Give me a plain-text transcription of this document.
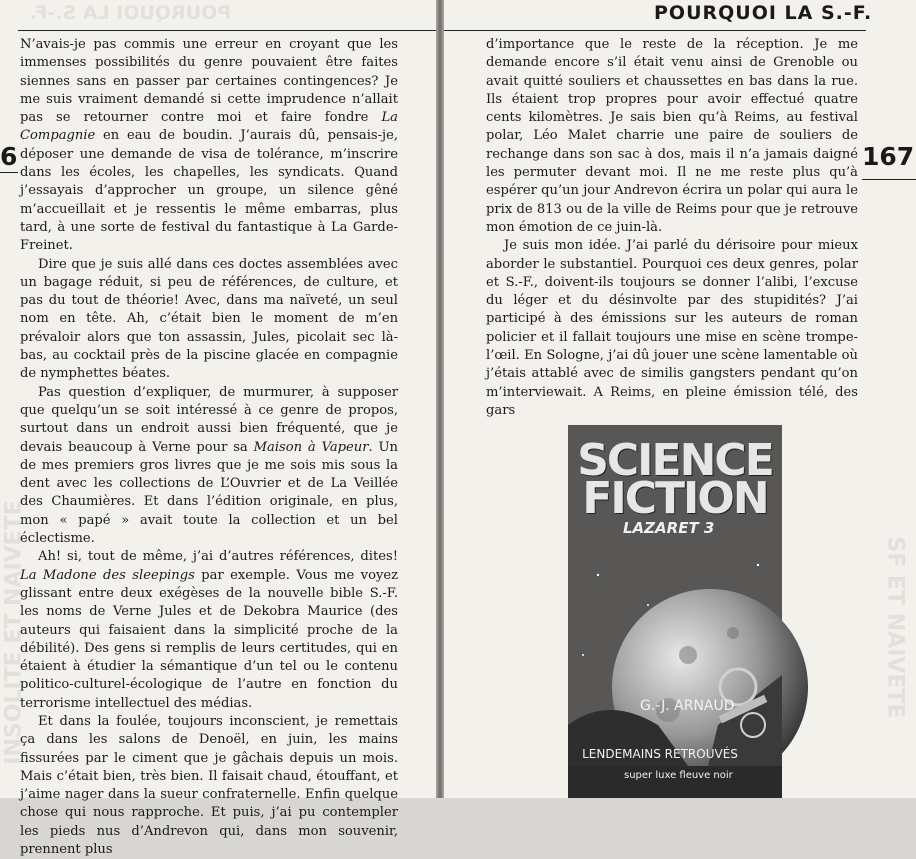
POURQUOI LA S.-F.
6
INSOLITE ET NAIVETE

N’avais-je pas commis une erreur en croyant que les immenses possibilités du genre pouvaient être faites siennes sans en passer par certaines contingences? Je me suis vraiment demandé si cette imprudence n’allait pas se retourner contre moi et faire fondre La Compagnie en eau de boudin. J’aurais dû, pensais-je, déposer une demande de visa de tolérance, m’inscrire dans les écoles, les chapelles, les syndicats. Quand j’essayais d’approcher un groupe, un silence gêné m’accueillait et je ressentis le même embarras, plus tard, à une sorte de festival du fantastique à La Garde-Freinet.

Dire que je suis allé dans ces doctes assemblées avec un bagage réduit, si peu de références, de culture, et pas du tout de théorie! Avec, dans ma naïveté, un seul nom en tête. Ah, c’était bien le moment de m’en prévaloir alors que ton assassin, Jules, picolait sec là-bas, au cocktail près de la piscine glacée en compagnie de nymphettes béates.

Pas question d’expliquer, de murmurer, à supposer que quelqu’un se soit intéressé à ce genre de propos, surtout dans un endroit aussi bien fréquenté, que je devais beaucoup à Verne pour sa Maison à Vapeur. Un de mes premiers gros livres que je me sois mis sous la dent avec les collections de L’Ouvrier et de La Veillée des Chaumières. Et dans l’édition originale, en plus, mon « papé » avait toute la collection et un bel éclectisme.

Ah! si, tout de même, j’ai d’autres références, dites! La Madone des sleepings par exemple. Vous me voyez glissant entre deux exégèses de la nouvelle bible S.-F. les noms de Verne Jules et de Dekobra Maurice (des auteurs qui faisaient dans la simplicité proche de la débilité). Des gens si remplis de leurs certitudes, qui en étaient à étudier la sémantique d’un tel ou le contenu politico-culturel-écologique de l’autre en fonction du terrorisme intellectuel des médias.

Et dans la foulée, toujours inconscient, je remettais ça dans les salons de Denoël, en juin, les mains fissurées par le ciment que je gâchais depuis un mois. Mais c’était bien, très bien. Il faisait chaud, étouffant, et j’aime nager dans la sueur confraternelle. Enfin quelque chose qui nous rapproche. Et puis, j’ai pu contempler les pieds nus d’Andrevon qui, dans mon souvenir, prennent plus

POURQUOI LA S.-F.
167
SF ET NAIVETE

d’importance que le reste de la réception. Je me demande encore s’il était venu ainsi de Grenoble ou avait quitté souliers et chaussettes en bas dans la rue. Ils étaient trop propres pour avoir effectué quatre cents kilomètres. Je sais bien qu’à Reims, au festival polar, Léo Malet charrie une paire de souliers de rechange dans son sac à dos, mais il n’a jamais daigné les permuter devant moi. Il ne me reste plus qu’à espérer qu’un jour Andrevon écrira un polar qui aura le prix de 813 ou de la ville de Reims pour que je retrouve mon émotion de ce juin-là.

Je suis mon idée. J’ai parlé du dérisoire pour mieux aborder le substantiel. Pourquoi ces deux genres, polar et S.-F., doivent-ils toujours se donner l’alibi, l’excuse du léger et du désinvolte par des stupidités? J’ai participé à des émissions sur les auteurs de roman policier et il fallait toujours une mise en scène trompe-l’œil. En Sologne, j’ai dû jouer une scène lamentable où j’étais attablé avec de similis gangsters pendant qu’on m’interviewait. A Reims, en pleine émission télé, des gars

SCIENCE
FICTION
LAZARET 3
G.-J. ARNAUD
LENDEMAINS RETROUVÉS
super luxe fleuve noir
